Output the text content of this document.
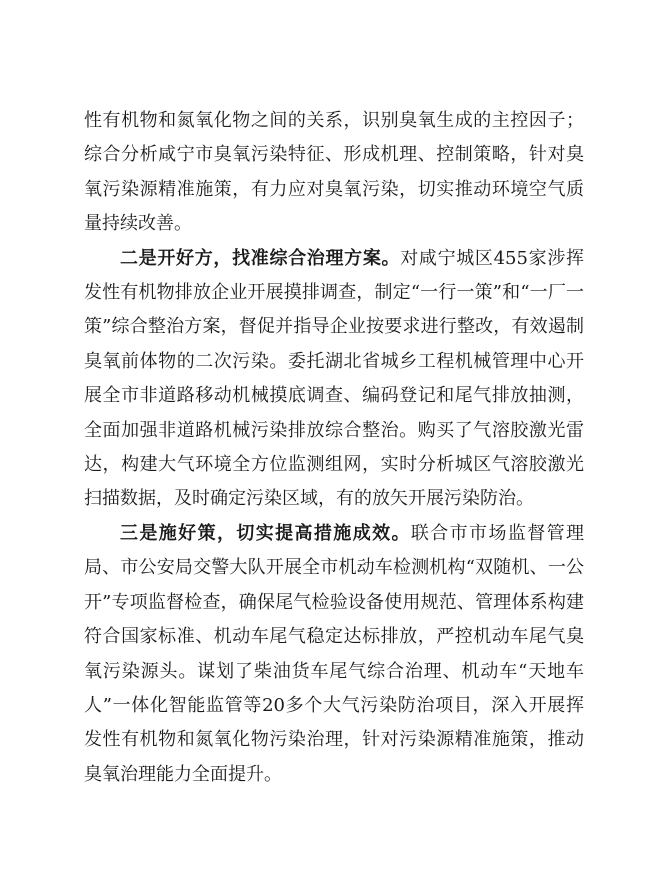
性有机物和氮氧化物之间的关系，识别臭氧生成的主控因子；综合分析咸宁市臭氧污染特征、形成机理、控制策略，针对臭氧污染源精准施策，有力应对臭氧污染，切实推动环境空气质量持续改善。

二是开好方，找准综合治理方案。对咸宁城区455家涉挥发性有机物排放企业开展摸排调查，制定“一行一策”和“一厂一策”综合整治方案，督促并指导企业按要求进行整改，有效遏制臭氧前体物的二次污染。委托湖北省城乡工程机械管理中心开展全市非道路移动机械摸底调查、编码登记和尾气排放抽测，全面加强非道路机械污染排放综合整治。购买了气溶胶激光雷达，构建大气环境全方位监测组网，实时分析城区气溶胶激光扫描数据，及时确定污染区域，有的放矢开展污染防治。

三是施好策，切实提高措施成效。联合市市场监督管理局、市公安局交警大队开展全市机动车检测机构“双随机、一公开”专项监督检查，确保尾气检验设备使用规范、管理体系构建符合国家标准、机动车尾气稳定达标排放，严控机动车尾气臭氧污染源头。谋划了柴油货车尾气综合治理、机动车“天地车人”一体化智能监管等20多个大气污染防治项目，深入开展挥发性有机物和氮氧化物污染治理，针对污染源精准施策，推动臭氧治理能力全面提升。
